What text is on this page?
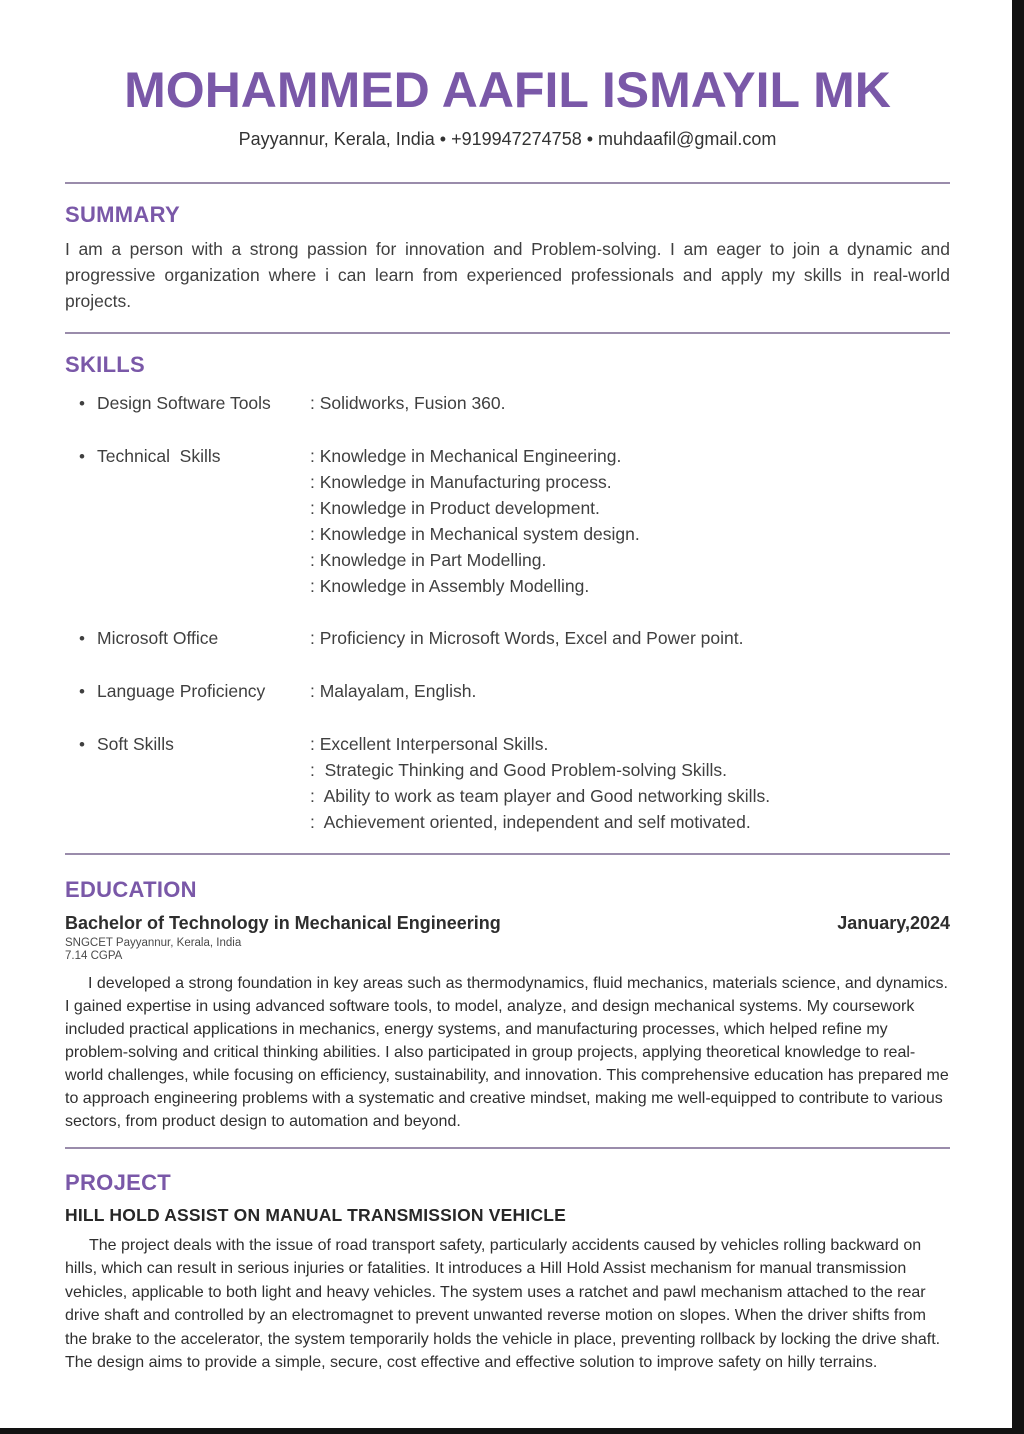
MOHAMMED AAFIL ISMAYIL MK
Payyannur, Kerala, India • +919947274758 • muhdaafil@gmail.com
SUMMARY
I am a person with a strong passion for innovation and Problem-solving. I am eager to join a dynamic and progressive organization where i can learn from experienced professionals and apply my skills in real-world projects.
SKILLS
•
Design Software Tools	: Solidworks, Fusion 360.
•
Technical  Skills	: Knowledge in Mechanical Engineering.
: Knowledge in Manufacturing process.
: Knowledge in Product development.
: Knowledge in Mechanical system design.
: Knowledge in Part Modelling.
: Knowledge in Assembly Modelling.
•
Microsoft Office	: Proficiency in Microsoft Words, Excel and Power point.
•
Language Proficiency	: Malayalam, English.
•
Soft Skills	: Excellent Interpersonal Skills.
:  Strategic Thinking and Good Problem-solving Skills.
:  Ability to work as team player and Good networking skills.
:  Achievement oriented, independent and self motivated.
EDUCATION
Bachelor of Technology in Mechanical Engineering	January,2024
SNGCET Payyannur, Kerala, India
7.14 CGPA
I developed a strong foundation in key areas such as thermodynamics, fluid mechanics, materials science, and dynamics. I gained expertise in using advanced software tools, to model, analyze, and design mechanical systems. My coursework included practical applications in mechanics, energy systems, and manufacturing processes, which helped refine my problem-solving and critical thinking abilities. I also participated in group projects, applying theoretical knowledge to real-world challenges, while focusing on efficiency, sustainability, and innovation. This comprehensive education has prepared me to approach engineering problems with a systematic and creative mindset, making me well-equipped to contribute to various sectors, from product design to automation and beyond.
PROJECT
HILL HOLD ASSIST ON MANUAL TRANSMISSION VEHICLE
The project deals with the issue of road transport safety, particularly accidents caused by vehicles rolling backward on hills, which can result in serious injuries or fatalities. It introduces a Hill Hold Assist mechanism for manual transmission vehicles, applicable to both light and heavy vehicles. The system uses a ratchet and pawl mechanism attached to the rear drive shaft and controlled by an electromagnet to prevent unwanted reverse motion on slopes. When the driver shifts from the brake to the accelerator, the system temporarily holds the vehicle in place, preventing rollback by locking the drive shaft. The design aims to provide a simple, secure, cost effective and effective solution to improve safety on hilly terrains.
